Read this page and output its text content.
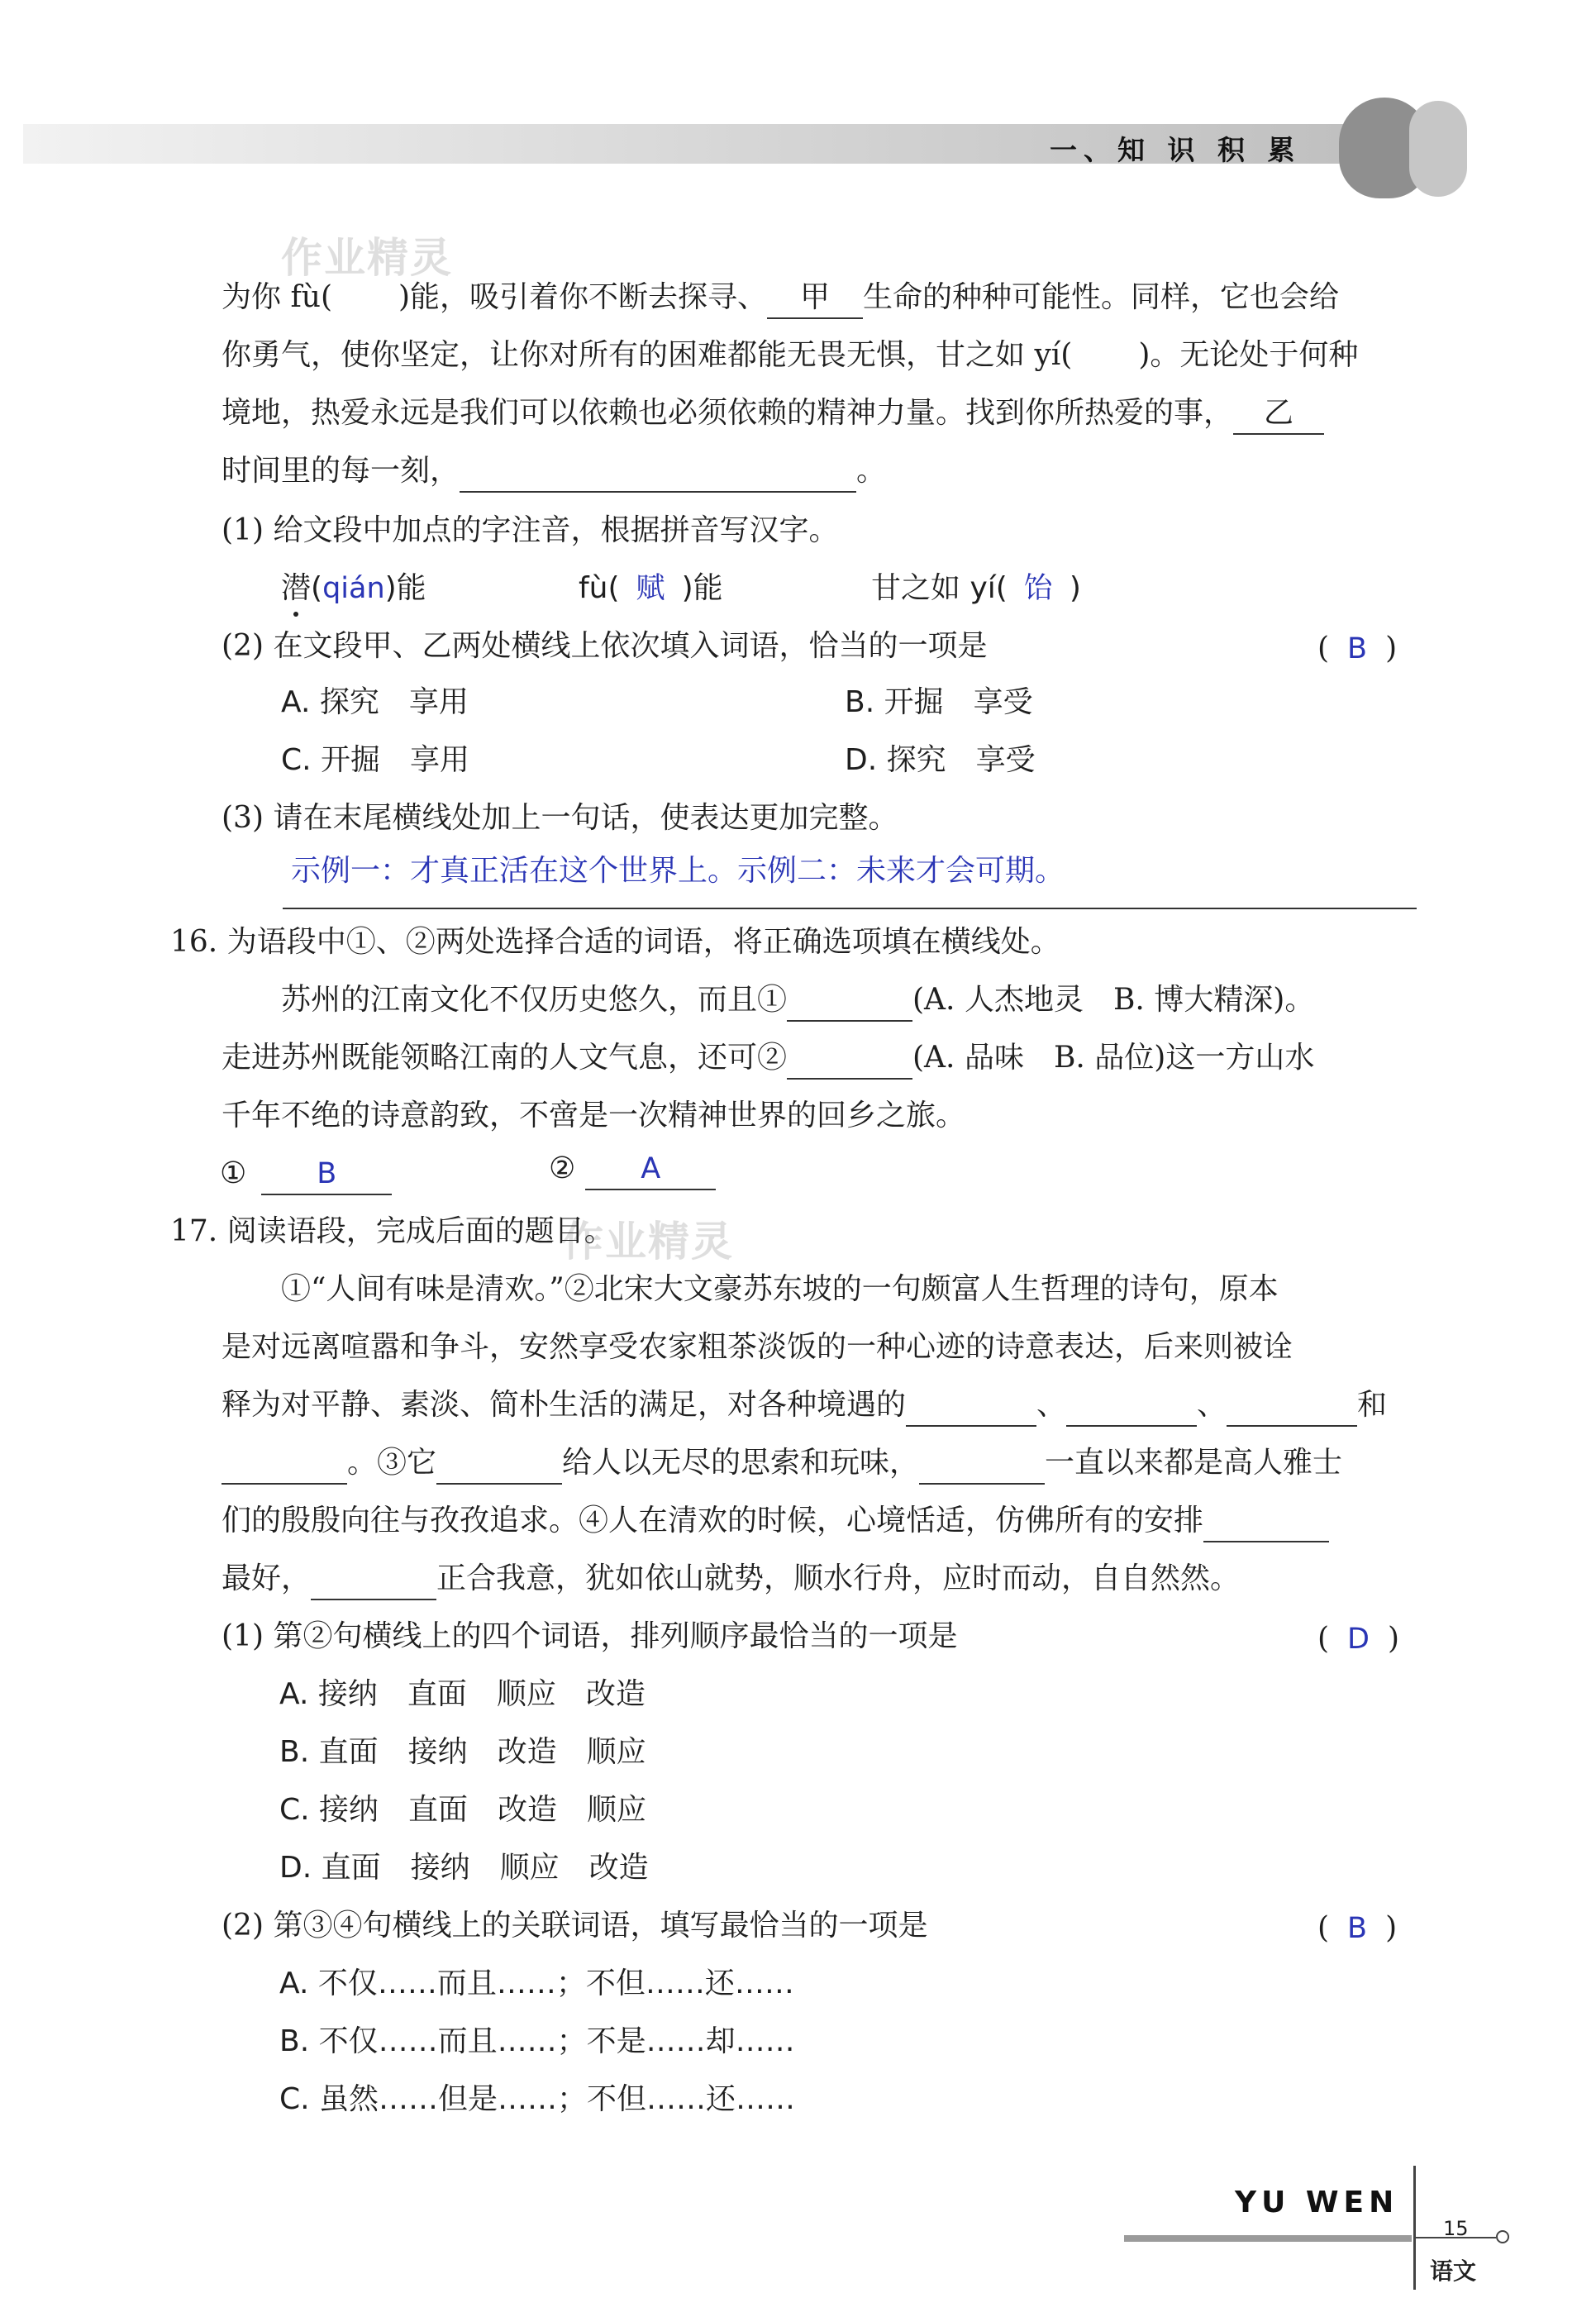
一、知 识 积 累
作业精灵
作业精灵
为你 fù( )能，吸引着你不断去探寻、 甲 生命的种种可能性。同样，它也会给
你勇气，使你坚定，让你对所有的困难都能无畏无惧，甘之如 yí( )。无论处于何种
境地，热爱永远是我们可以依赖也必须依赖的精神力量。找到你所热爱的事， 乙
时间里的每一刻，	。
(1) 给文段中加点的字注音，根据拼音写汉字。
潜(qián)能	fù( 赋 )能	甘之如 yí( 饴 )
(2) 在文段甲、乙两处横线上依次填入词语，恰当的一项是	( B )
A. 探究　享用	B. 开掘　享受
C. 开掘　享用	D. 探究　享受
(3) 请在末尾横线处加上一句话，使表达更加完整。
示例一：才真正活在这个世界上。示例二：未来才会可期。
16. 为语段中①、②两处选择合适的词语，将正确选项填在横线处。
苏州的江南文化不仅历史悠久，而且①	(A. 人杰地灵　B. 博大精深)。
走进苏州既能领略江南的人文气息，还可②	(A. 品味　B. 品位)这一方山水
千年不绝的诗意韵致，不啻是一次精神世界的回乡之旅。
① B	② A
17. 阅读语段，完成后面的题目。
①“人间有味是清欢。”②北宋大文豪苏东坡的一句颇富人生哲理的诗句，原本
是对远离喧嚣和争斗，安然享受农家粗茶淡饭的一种心迹的诗意表达，后来则被诠
释为对平静、素淡、简朴生活的满足，对各种境遇的	、	、	和
。③它	给人以无尽的思索和玩味，	一直以来都是高人雅士
们的殷殷向往与孜孜追求。④人在清欢的时候，心境恬适，仿佛所有的安排
最好，	正合我意，犹如依山就势，顺水行舟，应时而动，自自然然。
(1) 第②句横线上的四个词语，排列顺序最恰当的一项是	( D )
A. 接纳　直面　顺应　改造
B. 直面　接纳　改造　顺应
C. 接纳　直面　改造　顺应
D. 直面　接纳　顺应　改造
(2) 第③④句横线上的关联词语，填写最恰当的一项是	( B )
A. 不仅……而且……；不但……还……
B. 不仅……而且……；不是……却……
C. 虽然……但是……；不但……还……
YU WEN
15
语文
